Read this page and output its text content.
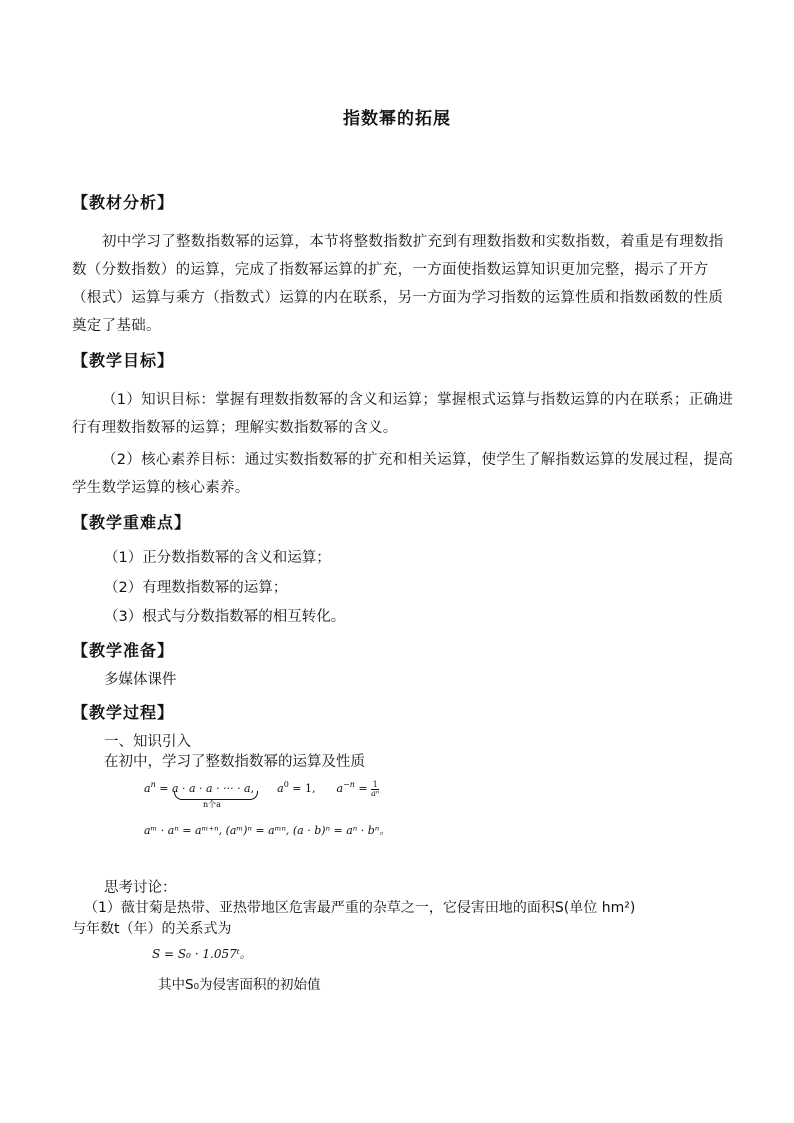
指数幂的拓展
【教材分析】
初中学习了整数指数幂的运算，本节将整数指数扩充到有理数指数和实数指数，着重是有理数指数（分数指数）的运算，完成了指数幂运算的扩充，一方面使指数运算知识更加完整，揭示了开方（根式）运算与乘方（指数式）运算的内在联系，另一方面为学习指数的运算性质和指数函数的性质奠定了基础。
【教学目标】
（1）知识目标：掌握有理数指数幂的含义和运算；掌握根式运算与指数运算的内在联系；正确进行有理数指数幂的运算；理解实数指数幂的含义。
（2）核心素养目标：通过实数指数幂的扩充和相关运算，使学生了解指数运算的发展过程，提高学生数学运算的核心素养。
【教学重难点】
（1）正分数指数幂的含义和运算；
（2）有理数指数幂的运算；
（3）根式与分数指数幂的相互转化。
【教学准备】
多媒体课件
【教学过程】
一、知识引入
在初中，学习了整数指数幂的运算及性质
$a^n = a \cdot a \cdot a$ · ··· · a, $a^0 = 1$, $a^{-n} = \frac{1}{\text{aⁿ}}$
n个a
aᵐ · aⁿ = aᵐ⁺ⁿ, (aᵐ)ⁿ = aᵐⁿ, (a · b)ⁿ = aⁿ · bⁿ。
思考讨论：
（1）薇甘菊是热带、亚热带地区危害最严重的杂草之一，它侵害田地的面积S(单位 hm²)
与年数t（年）的关系式为
S = S₀ · 1.057ᵗ。
其中S₀为侵害面积的初始值
